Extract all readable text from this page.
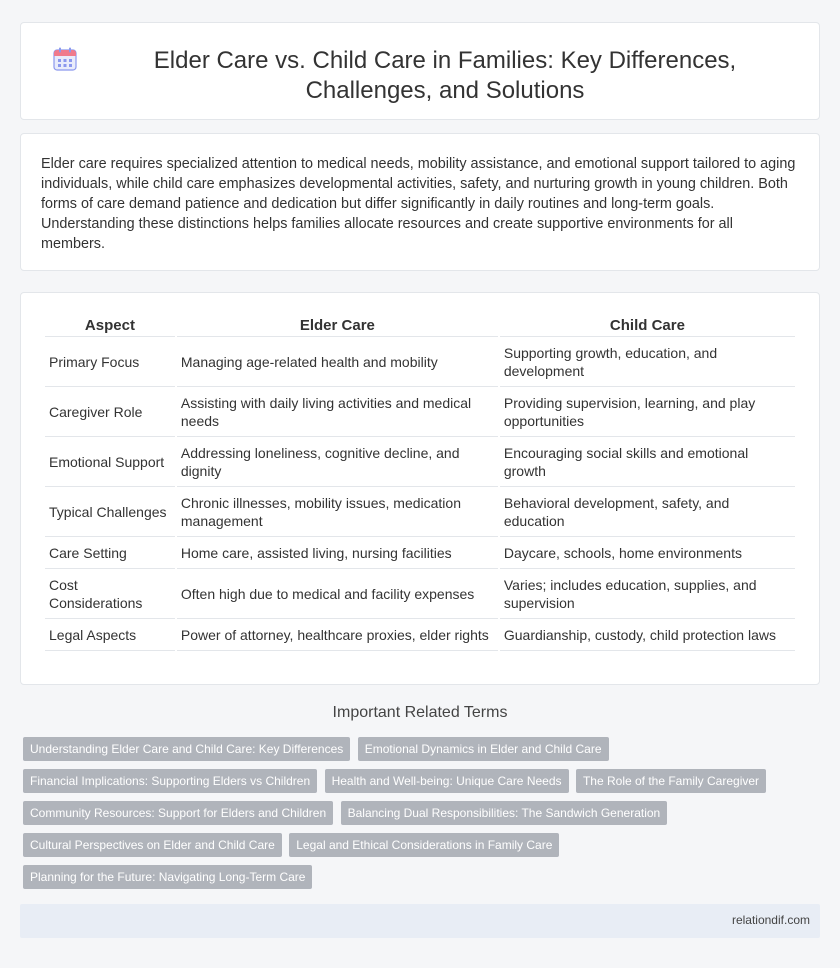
Elder Care vs. Child Care in Families: Key Differences, Challenges, and Solutions

Elder care requires specialized attention to medical needs, mobility assistance, and emotional support tailored to aging individuals, while child care emphasizes developmental activities, safety, and nurturing growth in young children. Both forms of care demand patience and dedication but differ significantly in daily routines and long-term goals. Understanding these distinctions helps families allocate resources and create supportive environments for all members.

Aspect	Elder Care	Child Care
Primary Focus	Managing age-related health and mobility	Supporting growth, education, and development
Caregiver Role	Assisting with daily living activities and medical needs	Providing supervision, learning, and play opportunities
Emotional Support	Addressing loneliness, cognitive decline, and dignity	Encouraging social skills and emotional growth
Typical Challenges	Chronic illnesses, mobility issues, medication management	Behavioral development, safety, and education
Care Setting	Home care, assisted living, nursing facilities	Daycare, schools, home environments
Cost Considerations	Often high due to medical and facility expenses	Varies; includes education, supplies, and supervision
Legal Aspects	Power of attorney, healthcare proxies, elder rights	Guardianship, custody, child protection laws
Important Related Terms
Understanding Elder Care and Child Care: Key Differences Emotional Dynamics in Elder and Child Care
Financial Implications: Supporting Elders vs Children Health and Well-being: Unique Care Needs The Role of the Family Caregiver
Community Resources: Support for Elders and Children Balancing Dual Responsibilities: The Sandwich Generation
Cultural Perspectives on Elder and Child Care Legal and Ethical Considerations in Family Care
Planning for the Future: Navigating Long-Term Care
relationdif.com
